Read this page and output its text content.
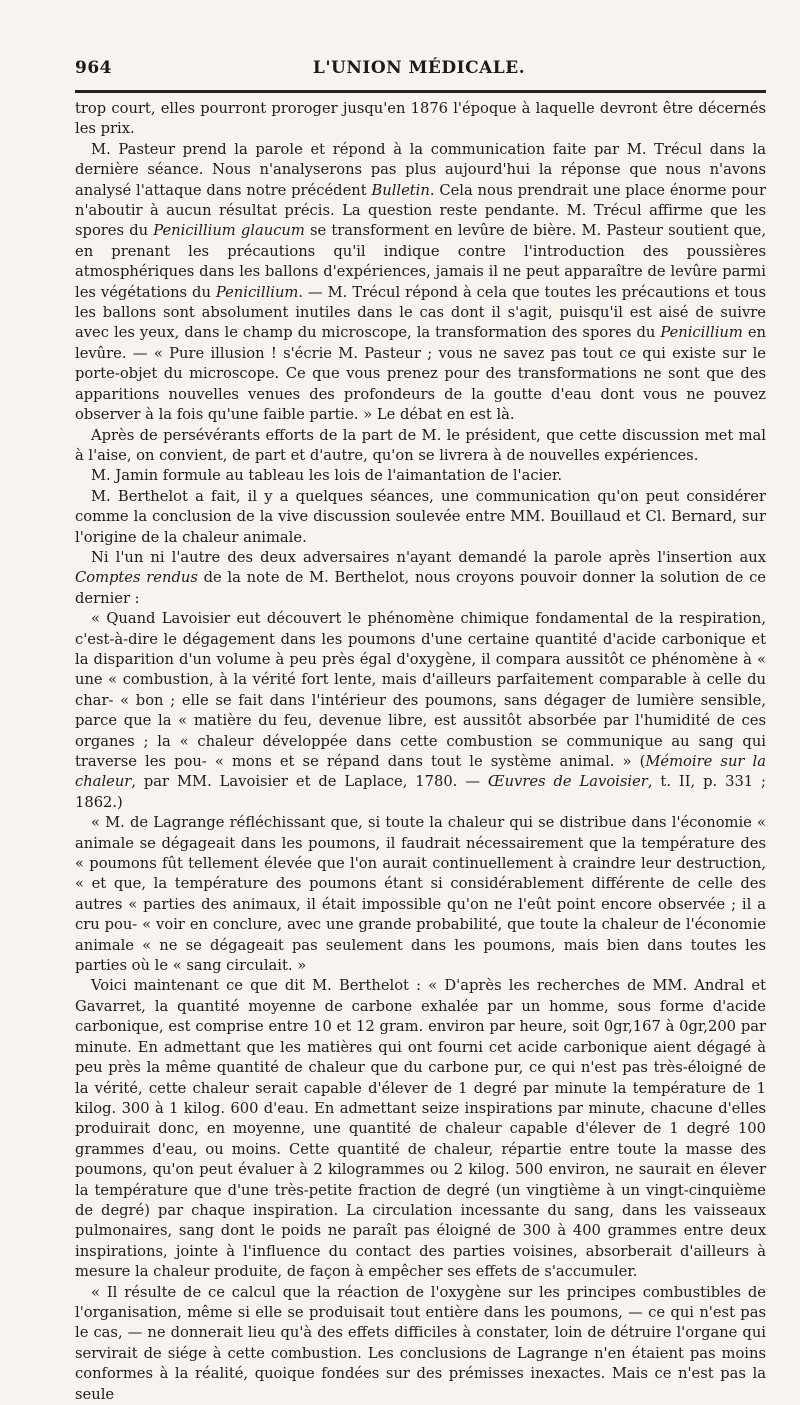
964	L'UNION MÉDICALE.

trop court, elles pourront proroger jusqu'en 1876 l'époque à laquelle devront être décernés les prix.

M. Pasteur prend la parole et répond à la communication faite par M. Trécul dans la dernière séance. Nous n'analyserons pas plus aujourd'hui la réponse que nous n'avons analysé l'attaque dans notre précédent Bulletin. Cela nous prendrait une place énorme pour n'aboutir à aucun résultat précis. La question reste pendante. M. Trécul affirme que les spores du Penicillium glaucum se transforment en levûre de bière. M. Pasteur soutient que, en prenant les précautions qu'il indique contre l'introduction des poussières atmosphériques dans les ballons d'expériences, jamais il ne peut apparaître de levûre parmi les végétations du Penicillium. — M. Trécul répond à cela que toutes les précautions et tous les ballons sont absolument inutiles dans le cas dont il s'agit, puisqu'il est aisé de suivre avec les yeux, dans le champ du microscope, la transformation des spores du Penicillium en levûre. — « Pure illusion ! s'écrie M. Pasteur ; vous ne savez pas tout ce qui existe sur le porte-objet du microscope. Ce que vous prenez pour des transformations ne sont que des apparitions nouvelles venues des profondeurs de la goutte d'eau dont vous ne pouvez observer à la fois qu'une faible partie. » Le débat en est là.

Après de persévérants efforts de la part de M. le président, que cette discussion met mal à l'aise, on convient, de part et d'autre, qu'on se livrera à de nouvelles expériences.

M. Jamin formule au tableau les lois de l'aimantation de l'acier.

M. Berthelot a fait, il y a quelques séances, une communication qu'on peut considérer comme la conclusion de la vive discussion soulevée entre MM. Bouillaud et Cl. Bernard, sur l'origine de la chaleur animale.

Ni l'un ni l'autre des deux adversaires n'ayant demandé la parole après l'insertion aux Comptes rendus de la note de M. Berthelot, nous croyons pouvoir donner la solution de ce dernier :

« Quand Lavoisier eut découvert le phénomène chimique fondamental de la respiration, c'est-à-dire le dégagement dans les poumons d'une certaine quantité d'acide carbonique et la disparition d'un volume à peu près égal d'oxygène, il compara aussitôt ce phénomène à « une « combustion, à la vérité fort lente, mais d'ailleurs parfaitement comparable à celle du char- « bon ; elle se fait dans l'intérieur des poumons, sans dégager de lumière sensible, parce que la « matière du feu, devenue libre, est aussitôt absorbée par l'humidité de ces organes ; la « chaleur développée dans cette combustion se communique au sang qui traverse les pou- « mons et se répand dans tout le système animal. » (Mémoire sur la chaleur, par MM. Lavoisier et de Laplace, 1780. — Œuvres de Lavoisier, t. II, p. 331 ; 1862.)

« M. de Lagrange réfléchissant que, si toute la chaleur qui se distribue dans l'économie « animale se dégageait dans les poumons, il faudrait nécessairement que la température des « poumons fût tellement élevée que l'on aurait continuellement à craindre leur destruction, « et que, la température des poumons étant si considérablement différente de celle des autres « parties des animaux, il était impossible qu'on ne l'eût point encore observée ; il a cru pou- « voir en conclure, avec une grande probabilité, que toute la chaleur de l'économie animale « ne se dégageait pas seulement dans les poumons, mais bien dans toutes les parties où le « sang circulait. »

Voici maintenant ce que dit M. Berthelot : « D'après les recherches de MM. Andral et Gavarret, la quantité moyenne de carbone exhalée par un homme, sous forme d'acide carbonique, est comprise entre 10 et 12 gram. environ par heure, soit 0gr,167 à 0gr,200 par minute. En admettant que les matières qui ont fourni cet acide carbonique aient dégagé à peu près la même quantité de chaleur que du carbone pur, ce qui n'est pas très-éloigné de la vérité, cette chaleur serait capable d'élever de 1 degré par minute la température de 1 kilog. 300 à 1 kilog. 600 d'eau. En admettant seize inspirations par minute, chacune d'elles produirait donc, en moyenne, une quantité de chaleur capable d'élever de 1 degré 100 grammes d'eau, ou moins. Cette quantité de chaleur, répartie entre toute la masse des poumons, qu'on peut évaluer à 2 kilogrammes ou 2 kilog. 500 environ, ne saurait en élever la température que d'une très-petite fraction de degré (un vingtième à un vingt-cinquième de degré) par chaque inspiration. La circulation incessante du sang, dans les vaisseaux pulmonaires, sang dont le poids ne paraît pas éloigné de 300 à 400 grammes entre deux inspirations, jointe à l'influence du contact des parties voisines, absorberait d'ailleurs à mesure la chaleur produite, de façon à empêcher ses effets de s'accumuler.

« Il résulte de ce calcul que la réaction de l'oxygène sur les principes combustibles de l'organisation, même si elle se produisait tout entière dans les poumons, — ce qui n'est pas le cas, — ne donnerait lieu qu'à des effets difficiles à constater, loin de détruire l'organe qui servirait de siége à cette combustion. Les conclusions de Lagrange n'en étaient pas moins conformes à la réalité, quoique fondées sur des prémisses inexactes. Mais ce n'est pas la seule
